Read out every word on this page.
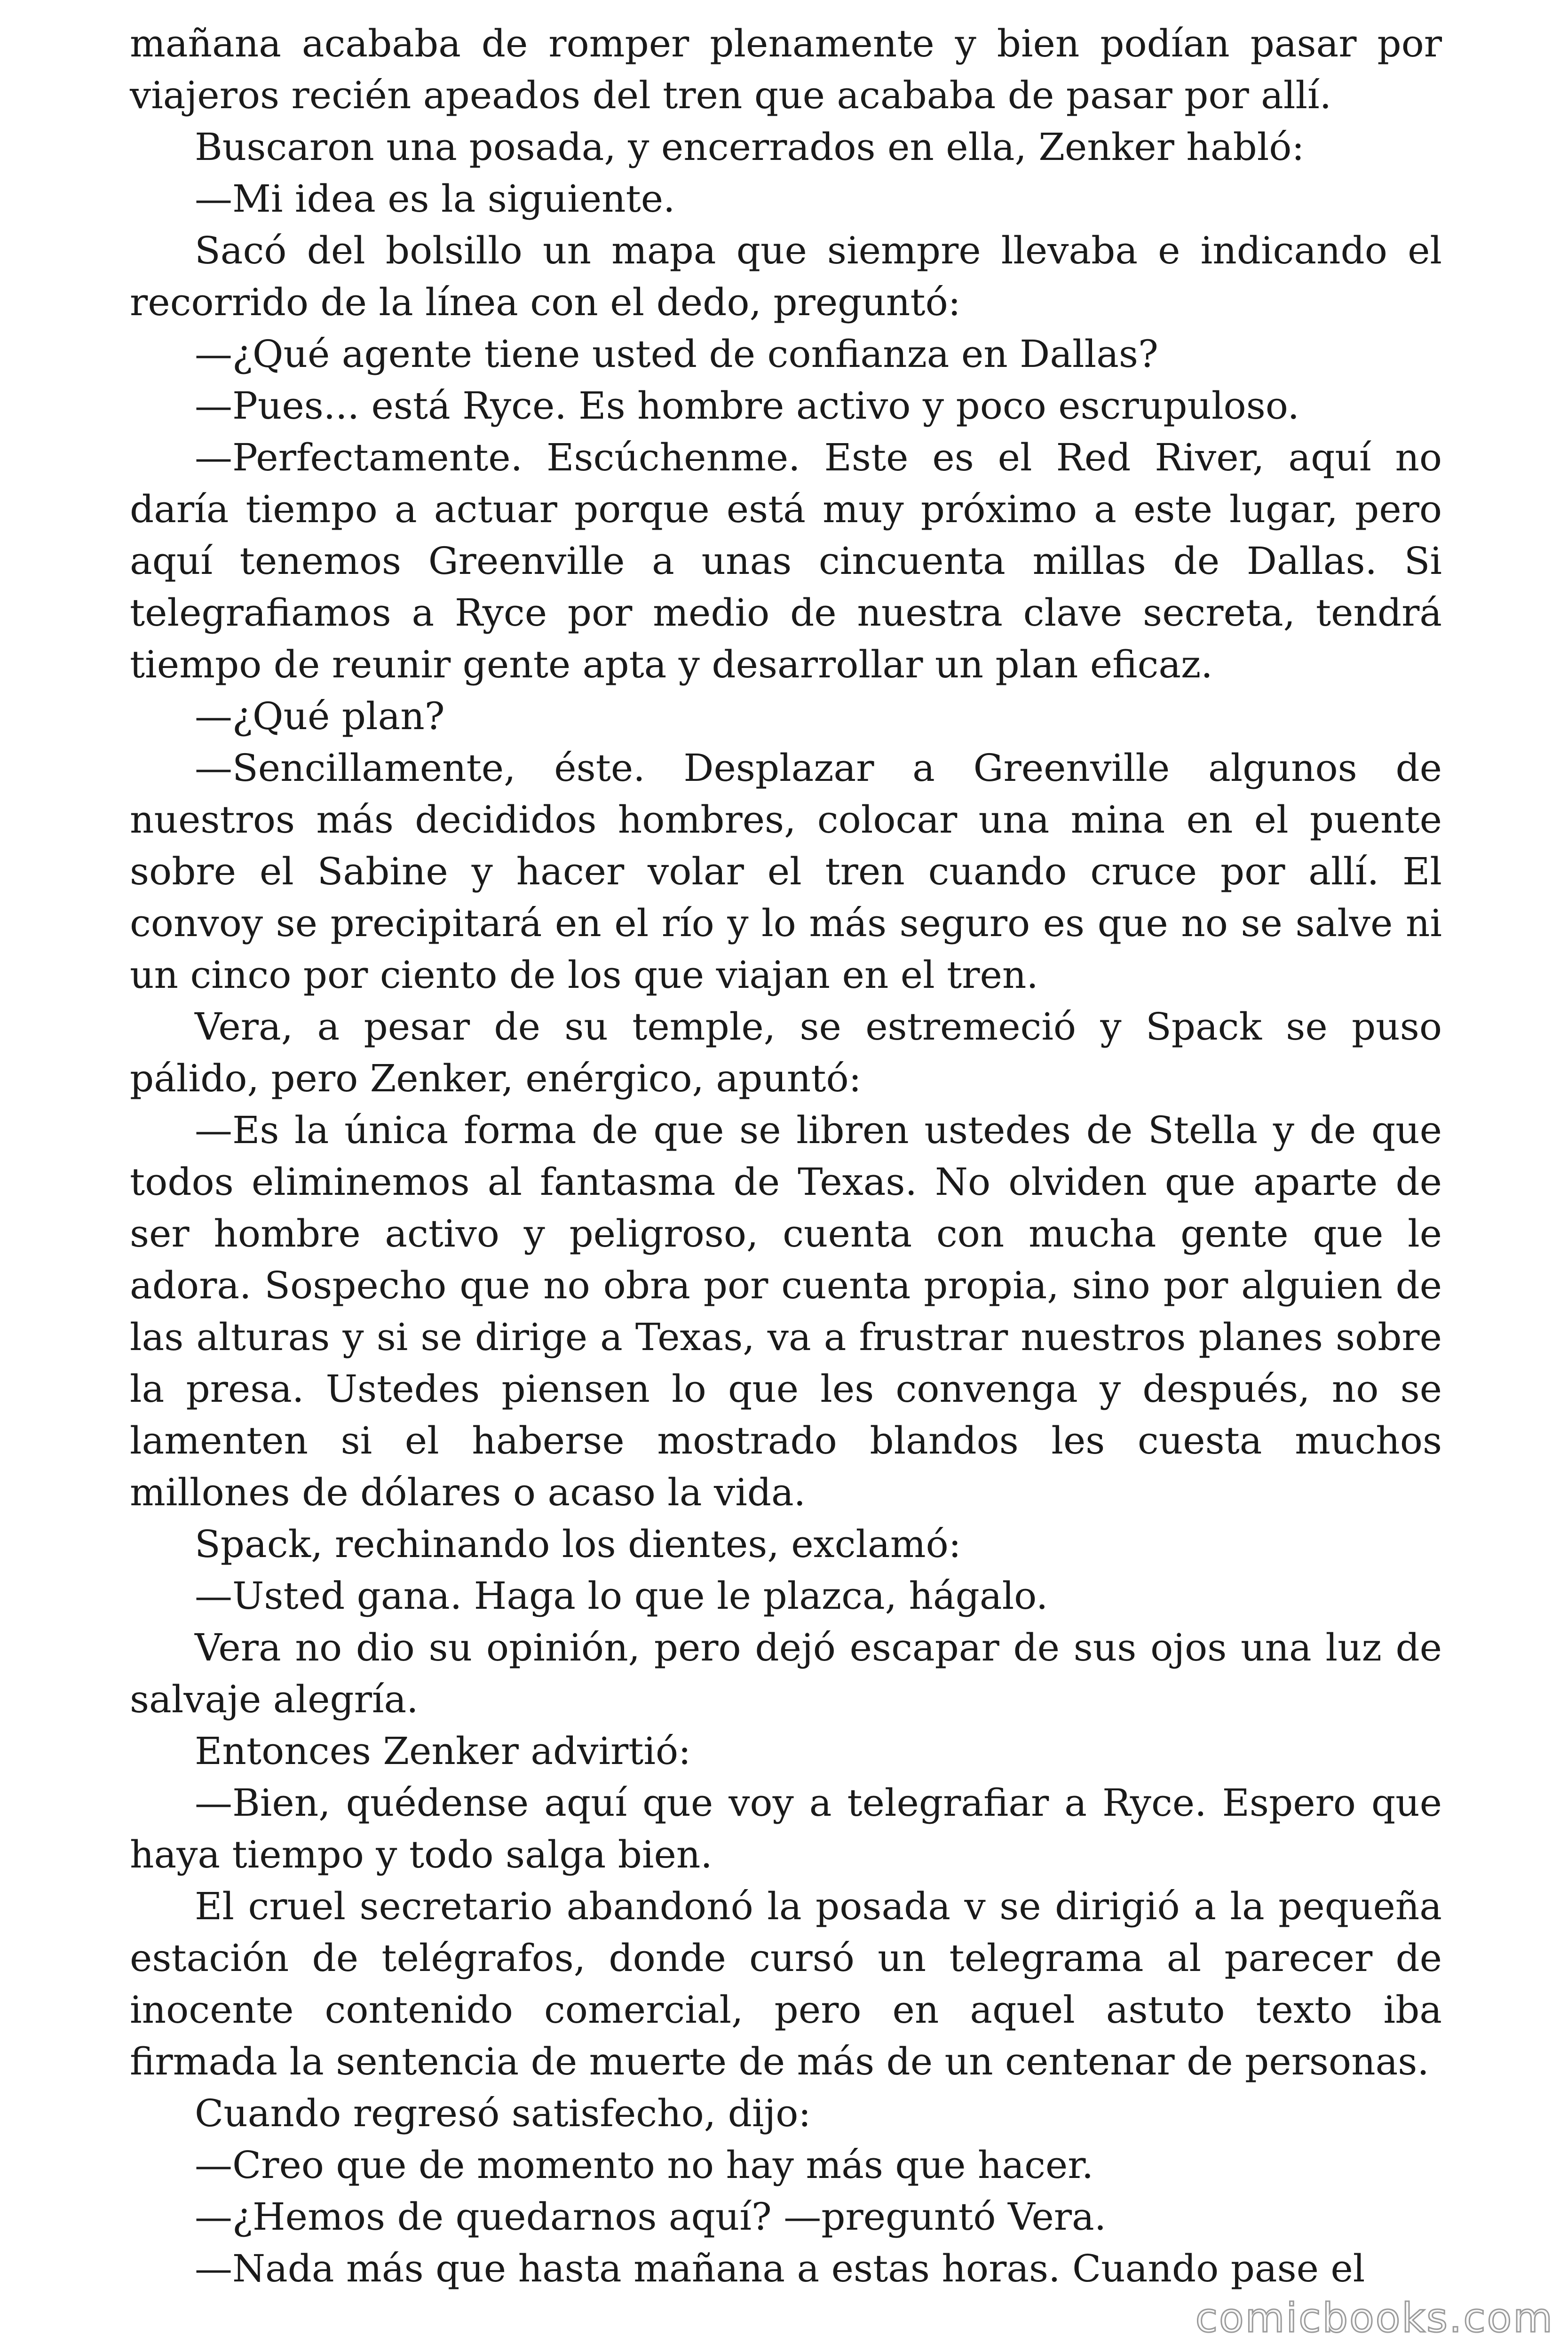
mañana acababa de romper plenamente y bien podían pasar por viajeros recién apeados del tren que acababa de pasar por allí.

Buscaron una posada, y encerrados en ella, Zenker habló:

—Mi idea es la siguiente.

Sacó del bolsillo un mapa que siempre llevaba e indicando el recorrido de la línea con el dedo, preguntó:

—¿Qué agente tiene usted de confianza en Dallas?

—Pues... está Ryce. Es hombre activo y poco escrupuloso.

—Perfectamente. Escúchenme. Este es el Red River, aquí no daría tiempo a actuar porque está muy próximo a este lugar, pero aquí tenemos Greenville a unas cincuenta millas de Dallas. Si telegrafiamos a Ryce por medio de nuestra clave secreta, tendrá tiempo de reunir gente apta y desarrollar un plan eficaz.

—¿Qué plan?

—Sencillamente, éste. Desplazar a Greenville algunos de nuestros más decididos hombres, colocar una mina en el puente sobre el Sabine y hacer volar el tren cuando cruce por allí. El convoy se precipitará en el río y lo más seguro es que no se salve ni un cinco por ciento de los que viajan en el tren.

Vera, a pesar de su temple, se estremeció y Spack se puso pálido, pero Zenker, enérgico, apuntó:

—Es la única forma de que se libren ustedes de Stella y de que todos eliminemos al fantasma de Texas. No olviden que aparte de ser hombre activo y peligroso, cuenta con mucha gente que le adora. Sospecho que no obra por cuenta propia, sino por alguien de las alturas y si se dirige a Texas, va a frustrar nuestros planes sobre la presa. Ustedes piensen lo que les convenga y después, no se lamenten si el haberse mostrado blandos les cuesta muchos millones de dólares o acaso la vida.

Spack, rechinando los dientes, exclamó:

—Usted gana. Haga lo que le plazca, hágalo.

Vera no dio su opinión, pero dejó escapar de sus ojos una luz de salvaje alegría.

Entonces Zenker advirtió:

—Bien, quédense aquí que voy a telegrafiar a Ryce. Espero que haya tiempo y todo salga bien.

El cruel secretario abandonó la posada v se dirigió a la pequeña estación de telégrafos, donde cursó un telegrama al parecer de inocente contenido comercial, pero en aquel astuto texto iba firmada la sentencia de muerte de más de un centenar de personas.

Cuando regresó satisfecho, dijo:

—Creo que de momento no hay más que hacer.

—¿Hemos de quedarnos aquí? —preguntó Vera.

—Nada más que hasta mañana a estas horas. Cuando pase el

comicbooks.com
